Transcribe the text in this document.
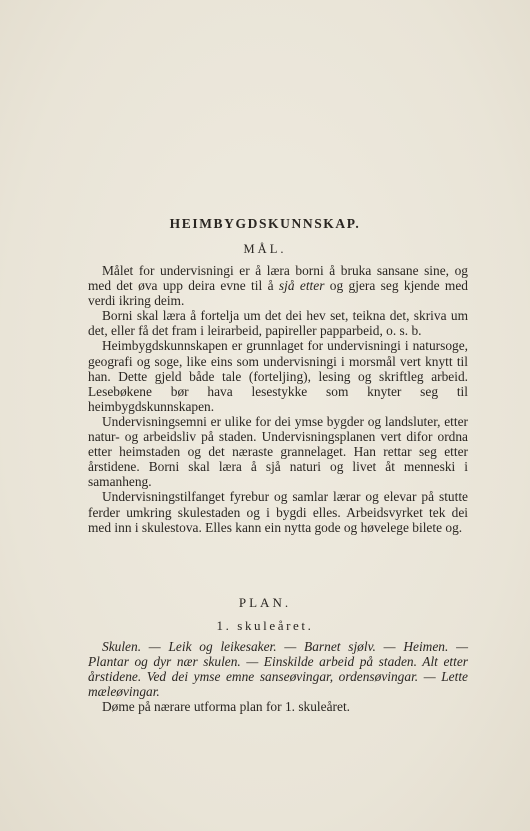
HEIMBYGDSKUNNSKAP.
MÅL.

Målet for undervisningi er å læra borni å bruka sansane sine, og med det øva upp deira evne til å sjå etter og gjera seg kjende med verdi ikring deim.

Borni skal læra å fortelja um det dei hev set, teikna det, skriva um det, eller få det fram i leirarbeid, papireller papparbeid, o. s. b.

Heimbygdskunnskapen er grunnlaget for undervisningi i natursoge, geografi og soge, like eins som undervisningi i morsmål vert knytt til han. Dette gjeld både tale (forteljing), lesing og skriftleg arbeid. Lesebøkene bør hava lesestykke som knyter seg til heimbygdskunnskapen.

Undervisningsemni er ulike for dei ymse bygder og landsluter, etter natur- og arbeidsliv på staden. Undervisningsplanen vert difor ordna etter heimstaden og det næraste grannelaget. Han rettar seg etter årstidene. Borni skal læra å sjå naturi og livet åt menneski i samanheng.

Undervisningstilfanget fyrebur og samlar lærar og elevar på stutte ferder umkring skulestaden og i bygdi elles. Arbeidsvyrket tek dei med inn i skulestova. Elles kann ein nytta gode og høvelege bilete og.

PLAN.
1. skuleåret.

Skulen. — Leik og leikesaker. — Barnet sjølv. — Heimen. — Plantar og dyr nær skulen. — Einskilde arbeid på staden. Alt etter årstidene. Ved dei ymse emne sanseøvingar, ordensøvingar. — Lette mæleøvingar.

Døme på nærare utforma plan for 1. skuleåret.
